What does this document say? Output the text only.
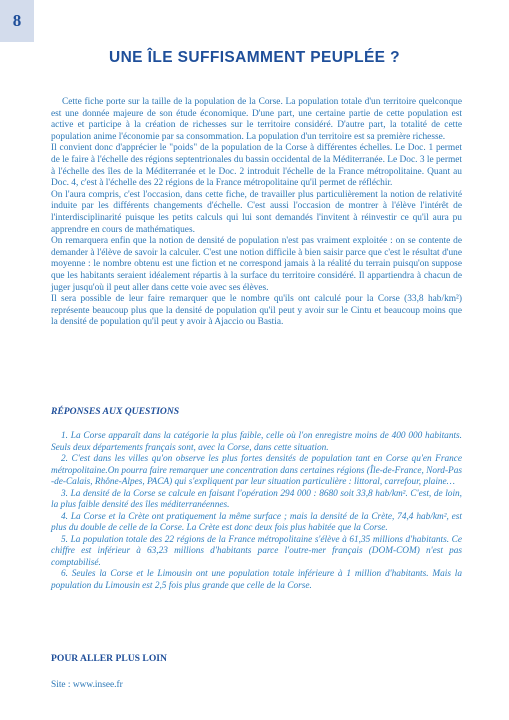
8
UNE ÎLE SUFFISAMMENT PEUPLÉE ?

Cette fiche porte sur la taille de la population de la Corse. La population totale d'un territoire quelconque est une donnée majeure de son étude économique. D'une part, une certaine partie de cette population est active et participe à la création de richesses sur le territoire considéré. D'autre part, la totalité de cette population anime l'économie par sa consommation. La population d'un territoire est sa première richesse.

Il convient donc d'apprécier le "poids" de la population de la Corse à différentes échelles. Le Doc. 1 permet de le faire à l'échelle des régions septentrionales du bassin occidental de la Méditerranée. Le Doc. 3 le permet à l'échelle des îles de la Méditerranée et le Doc. 2 introduit l'échelle de la France métropolitaine. Quant au Doc. 4, c'est à l'échelle des 22 régions de la France métropolitaine qu'il permet de réfléchir.

On l'aura compris, c'est l'occasion, dans cette fiche, de travailler plus particulièrement la notion de relativité induite par les différents changements d'échelle. C'est aussi l'occasion de montrer à l'élève l'intérêt de l'interdisciplinarité puisque les petits calculs qui lui sont demandés l'invitent à réinvestir ce qu'il aura pu apprendre en cours de mathématiques.

On remarquera enfin que la notion de densité de population n'est pas vraiment exploitée : on se contente de demander à l'élève de savoir la calculer. C'est une notion difficile à bien saisir parce que c'est le résultat d'une moyenne : le nombre obtenu est une fiction et ne correspond jamais à la réalité du terrain puisqu'on suppose que les habitants seraient idéalement répartis à la surface du territoire considéré. Il appartiendra à chacun de juger jusqu'où il peut aller dans cette voie avec ses élèves.

Il sera possible de leur faire remarquer que le nombre qu'ils ont calculé pour la Corse (33,8 hab/km²) représente beaucoup plus que la densité de population qu'il peut y avoir sur le Cintu et beaucoup moins que la densité de population qu'il peut y avoir à Ajaccio ou Bastia.

RÉPONSES AUX QUESTIONS

1. La Corse apparaît dans la catégorie la plus faible, celle où l'on enregistre moins de 400 000 habitants. Seuls deux départements français sont, avec la Corse, dans cette situation.

2. C'est dans les villes qu'on observe les plus fortes densités de population tant en Corse qu'en France métropolitaine.On pourra faire remarquer une concentration dans certaines régions (Île-de-France, Nord-Pas -de-Calais, Rhône-Alpes, PACA) qui s'expliquent par leur situation particulière : littoral, carrefour, plaine…

3. La densité de la Corse se calcule en faisant l'opération 294 000 : 8680 soit 33,8 hab/km². C'est, de loin, la plus faible densité des îles méditerranéennes.

4. La Corse et la Crète ont pratiquement la même surface ; mais la densité de la Crète, 74,4 hab/km², est plus du double de celle de la Corse. La Crète est donc deux fois plus habitée que la Corse.

5. La population totale des 22 régions de la France métropolitaine s'élève à 61,35 millions d'habitants. Ce chiffre est inférieur à 63,23 millions d'habitants parce l'outre-mer français (DOM-COM) n'est pas comptabilisé.

6. Seules la Corse et le Limousin ont une population totale inférieure à 1 million d'habitants. Mais la population du Limousin est 2,5 fois plus grande que celle de la Corse.

POUR ALLER PLUS LOIN
Site : www.insee.fr
